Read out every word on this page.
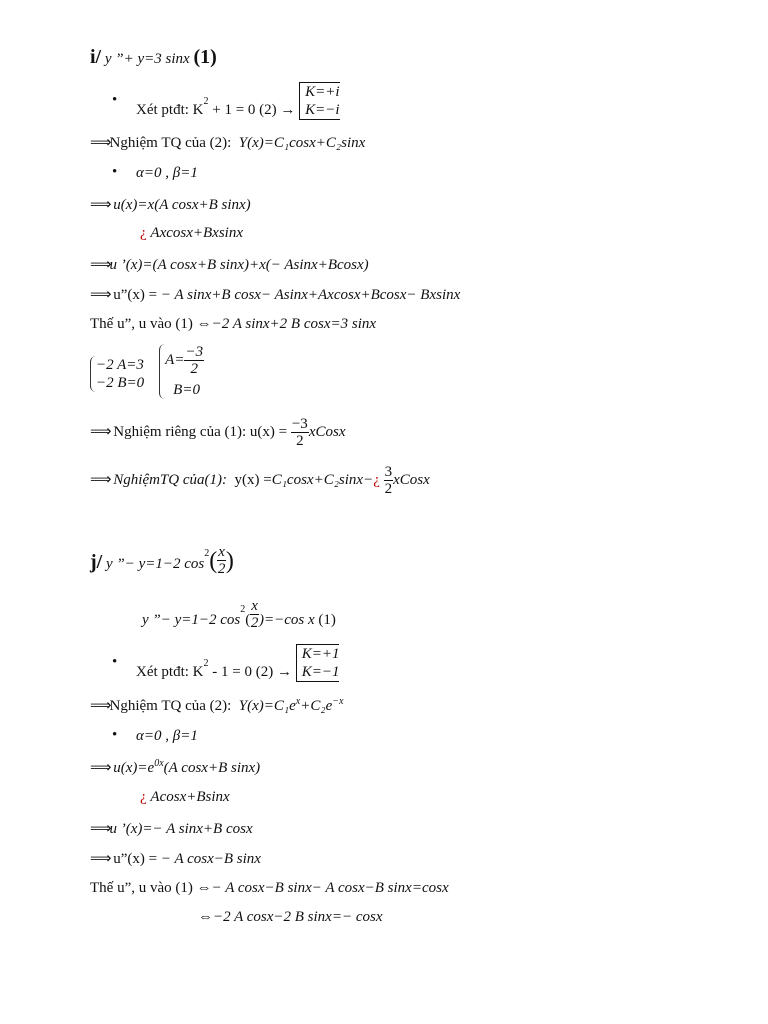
i/ y ”+ y=3 sinx (1)
•
Xét ptđt: $K^2 + 1 = 0$ (2) →
K=+i
K=−i
⟹Nghiệm TQ của (2): Y(x)=C₁cosx+C₂sinx
• α=0 , β=1
⟹ u(x)=x(A cosx+B sinx)
¿ Axcosx+Bxsinx
⟹u ’(x)=(A cosx+B sinx)+x(− Asinx+Bcosx)
⟹ u”(x) = − A sinx+B cosx− Asinx+Axcosx+Bcosx− Bxsinx
Thế u”, u vào (1) ⇔−2 A sinx+2 B cosx=3 sinx
−2 A=3
−2 B=0

$A= \frac{-3}{2}$
B=0
⟹ Nghiệm riêng của (1): $u(x) = \frac{-3}{2}$ xCosx
⟹ NghiệmTQ của(1): y(x) =C₁cosx+C₂sinx−¿ $\frac{3}{2}$ xCosx
j/ y ”− y=1−2 $\cos^2( \frac{x}{2}$ )
y ”− y=1−2 $\cos^2( \frac{x}{2} )=-\cos$ x (1)
•
Xét ptđt: $K^2 - 1 = 0$ (2) →
K=+1
K=−1
⟹Nghiệm TQ của (2): $Y(x)=C_1e^x+C_2e^{-x}$
• α=0 , β=1
⟹ $u(x)=e^{0x}(A$ cosx+B sinx)
¿ Acosx+Bsinx
⟹u ’(x)=− A sinx+B cosx
⟹ u”(x) = − A cosx−B sinx
Thế u”, u vào (1) ⇔− A cosx−B sinx− A cosx−B sinx=cosx
⇔−2 A cosx−2 B sinx=− cosx
